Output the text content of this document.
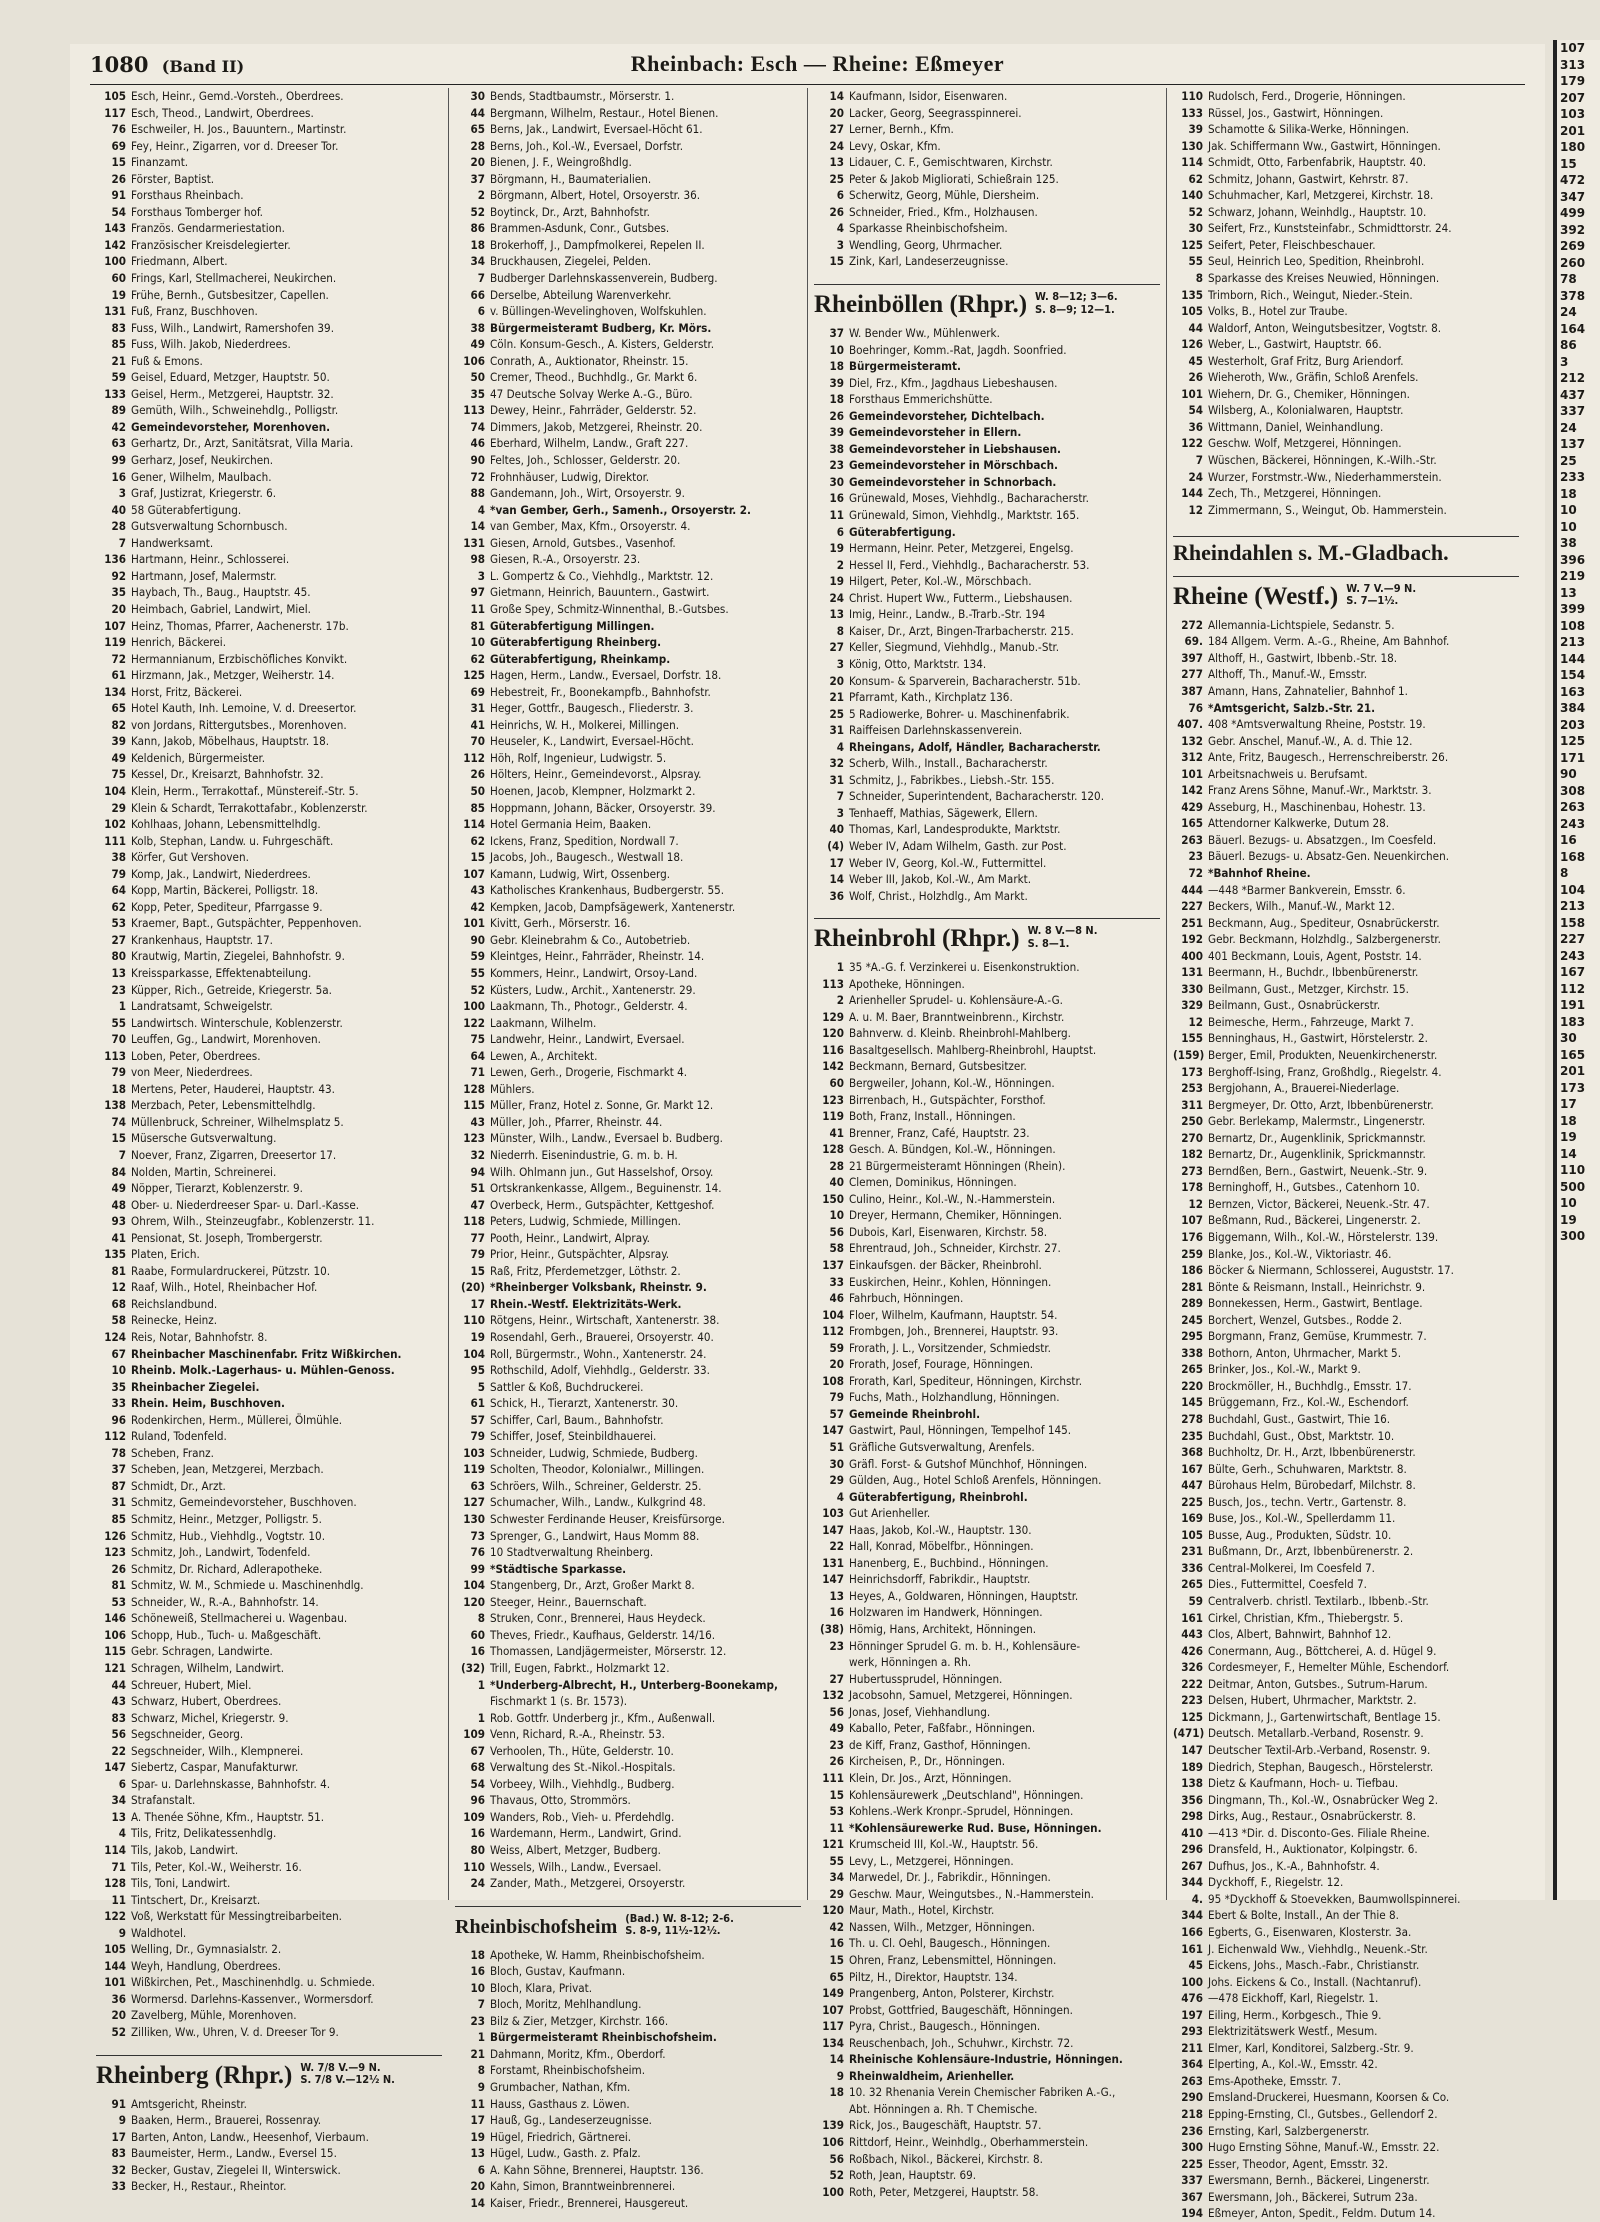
1080 (Band II)	Rheinbach: Esch — Rheine: Eßmeyer
105 Esch, Heinr., Gemd.-Vorsteh., Oberdrees.
117 Esch, Theod., Landwirt, Oberdrees.
76 Eschweiler, H. Jos., Bauuntern., Martinstr.
69 Fey, Heinr., Zigarren, vor d. Dreeser Tor.
15 Finanzamt.
26 Förster, Baptist.
91 Forsthaus Rheinbach.
54 Forsthaus Tomberger hof.
143 Französ. Gendarmeriestation.
142 Französischer Kreisdelegierter.
100 Friedmann, Albert.
60 Frings, Karl, Stellmacherei, Neukirchen.
19 Frühe, Bernh., Gutsbesitzer, Capellen.
131 Fuß, Franz, Buschhoven.
83 Fuss, Wilh., Landwirt, Ramershofen 39.
85 Fuss, Wilh. Jakob, Niederdrees.
21 Fuß & Emons.
59 Geisel, Eduard, Metzger, Hauptstr. 50.
133 Geisel, Herm., Metzgerei, Hauptstr. 32.
89 Gemüth, Wilh., Schweinehdlg., Polligstr.
42 Gemeindevorsteher, Morenhoven.
63 Gerhartz, Dr., Arzt, Sanitätsrat, Villa Maria.
99 Gerharz, Josef, Neukirchen.
16 Gener, Wilhelm, Maulbach.
3 Graf, Justizrat, Kriegerstr. 6.
40 58 Güterabfertigung.
28 Gutsverwaltung Schornbusch.
7 Handwerksamt.
136 Hartmann, Heinr., Schlosserei.
92 Hartmann, Josef, Malermstr.
35 Haybach, Th., Baug., Hauptstr. 45.
20 Heimbach, Gabriel, Landwirt, Miel.
107 Heinz, Thomas, Pfarrer, Aachenerstr. 17b.
119 Henrich, Bäckerei.
72 Hermannianum, Erzbischöfliches Konvikt.
61 Hirzmann, Jak., Metzger, Weiherstr. 14.
134 Horst, Fritz, Bäckerei.
65 Hotel Kauth, Inh. Lemoine, V. d. Dreesertor.
82 von Jordans, Rittergutsbes., Morenhoven.
39 Kann, Jakob, Möbelhaus, Hauptstr. 18.
49 Keldenich, Bürgermeister.
75 Kessel, Dr., Kreisarzt, Bahnhofstr. 32.
104 Klein, Herm., Terrakottaf., Münstereif.-Str. 5.
29 Klein & Schardt, Terrakottafabr., Koblenzerstr.
102 Kohlhaas, Johann, Lebensmittelhdlg.
111 Kolb, Stephan, Landw. u. Fuhrgeschäft.
38 Körfer, Gut Vershoven.
79 Komp, Jak., Landwirt, Niederdrees.
64 Kopp, Martin, Bäckerei, Polligstr. 18.
62 Kopp, Peter, Spediteur, Pfarrgasse 9.
53 Kraemer, Bapt., Gutspächter, Peppenhoven.
27 Krankenhaus, Hauptstr. 17.
80 Krautwig, Martin, Ziegelei, Bahnhofstr. 9.
13 Kreissparkasse, Effektenabteilung.
23 Küpper, Rich., Getreide, Kriegerstr. 5a.
1 Landratsamt, Schweigelstr.
55 Landwirtsch. Winterschule, Koblenzerstr.
70 Leuffen, Gg., Landwirt, Morenhoven.
113 Loben, Peter, Oberdrees.
79 von Meer, Niederdrees.
18 Mertens, Peter, Hauderei, Hauptstr. 43.
138 Merzbach, Peter, Lebensmittelhdlg.
74 Müllenbruck, Schreiner, Wilhelmsplatz 5.
15 Müsersche Gutsverwaltung.
7 Noever, Franz, Zigarren, Dreesertor 17.
84 Nolden, Martin, Schreinerei.
49 Nöpper, Tierarzt, Koblenzerstr. 9.
48 Ober- u. Niederdreeser Spar- u. Darl.-Kasse.
93 Ohrem, Wilh., Steinzeugfabr., Koblenzerstr. 11.
41 Pensionat, St. Joseph, Trombergerstr.
135 Platen, Erich.
81 Raabe, Formulardruckerei, Pützstr. 10.
12 Raaf, Wilh., Hotel, Rheinbacher Hof.
68 Reichslandbund.
58 Reinecke, Heinz.
124 Reis, Notar, Bahnhofstr. 8.
67 Rheinbacher Maschinenfabr. Fritz Wißkirchen.
10 Rheinb. Molk.-Lagerhaus- u. Mühlen-Genoss.
35 Rheinbacher Ziegelei.
33 Rhein. Heim, Buschhoven.
96 Rodenkirchen, Herm., Müllerei, Ölmühle.
112 Ruland, Todenfeld.
78 Scheben, Franz.
37 Scheben, Jean, Metzgerei, Merzbach.
87 Schmidt, Dr., Arzt.
31 Schmitz, Gemeindevorsteher, Buschhoven.
85 Schmitz, Heinr., Metzger, Polligstr. 5.
126 Schmitz, Hub., Viehhdlg., Vogtstr. 10.
123 Schmitz, Joh., Landwirt, Todenfeld.
26 Schmitz, Dr. Richard, Adlerapotheke.
81 Schmitz, W. M., Schmiede u. Maschinenhdlg.
53 Schneider, W., R.-A., Bahnhofstr. 14.
146 Schöneweiß, Stellmacherei u. Wagenbau.
106 Schopp, Hub., Tuch- u. Maßgeschäft.
115 Gebr. Schragen, Landwirte.
121 Schragen, Wilhelm, Landwirt.
44 Schreuer, Hubert, Miel.
43 Schwarz, Hubert, Oberdrees.
83 Schwarz, Michel, Kriegerstr. 9.
56 Segschneider, Georg.
22 Segschneider, Wilh., Klempnerei.
147 Siebertz, Caspar, Manufakturwr.
6 Spar- u. Darlehnskasse, Bahnhofstr. 4.
34 Strafanstalt.
13 A. Thenée Söhne, Kfm., Hauptstr. 51.
4 Tils, Fritz, Delikatessenhdlg.
114 Tils, Jakob, Landwirt.
71 Tils, Peter, Kol.-W., Weiherstr. 16.
128 Tils, Toni, Landwirt.
11 Tintschert, Dr., Kreisarzt.
122 Voß, Werkstatt für Messingtreibarbeiten.
9 Waldhotel.
105 Welling, Dr., Gymnasialstr. 2.
144 Weyh, Handlung, Oberdrees.
101 Wißkirchen, Pet., Maschinenhdlg. u. Schmiede.
36 Wormersd. Darlehns-Kassenver., Wormersdorf.
20 Zavelberg, Mühle, Morenhoven.
52 Zilliken, Ww., Uhren, V. d. Dreeser Tor 9.
Rheinberg (Rhpr.) W. 7/8 V.—9 N.
S. 7/8 V.—12½ N.
91 Amtsgericht, Rheinstr.
9 Baaken, Herm., Brauerei, Rossenray.
17 Barten, Anton, Landw., Heesenhof, Vierbaum.
83 Baumeister, Herm., Landw., Eversel 15.
32 Becker, Gustav, Ziegelei II, Winterswick.
33 Becker, H., Restaur., Rheintor.
30 Bends, Stadtbaumstr., Mörserstr. 1.
44 Bergmann, Wilhelm, Restaur., Hotel Bienen.
65 Berns, Jak., Landwirt, Eversael-Höcht 61.
28 Berns, Joh., Kol.-W., Eversael, Dorfstr.
20 Bienen, J. F., Weingroßhdlg.
37 Börgmann, H., Baumaterialien.
2 Börgmann, Albert, Hotel, Orsoyerstr. 36.
52 Boytinck, Dr., Arzt, Bahnhofstr.
86 Brammen-Asdunk, Conr., Gutsbes.
18 Brokerhoff, J., Dampfmolkerei, Repelen II.
34 Bruckhausen, Ziegelei, Pelden.
7 Budberger Darlehnskassenverein, Budberg.
66 Derselbe, Abteilung Warenverkehr.
6 v. Büllingen-Wevelinghoven, Wolfskuhlen.
38 Bürgermeisteramt Budberg, Kr. Mörs.
49 Cöln. Konsum-Gesch., A. Kisters, Gelderstr.
106 Conrath, A., Auktionator, Rheinstr. 15.
50 Cremer, Theod., Buchhdlg., Gr. Markt 6.
35 47 Deutsche Solvay Werke A.-G., Büro.
113 Dewey, Heinr., Fahrräder, Gelderstr. 52.
74 Dimmers, Jakob, Metzgerei, Rheinstr. 20.
46 Eberhard, Wilhelm, Landw., Graft 227.
90 Feltes, Joh., Schlosser, Gelderstr. 20.
72 Frohnhäuser, Ludwig, Direktor.
88 Gandemann, Joh., Wirt, Orsoyerstr. 9.
4 *van Gember, Gerh., Samenh., Orsoyerstr. 2.
14 van Gember, Max, Kfm., Orsoyerstr. 4.
131 Giesen, Arnold, Gutsbes., Vasenhof.
98 Giesen, R.-A., Orsoyerstr. 23.
3 L. Gompertz & Co., Viehhdlg., Marktstr. 12.
97 Gietmann, Heinrich, Bauuntern., Gastwirt.
11 Große Spey, Schmitz-Winnenthal, B.-Gutsbes.
81 Güterabfertigung Millingen.
10 Güterabfertigung Rheinberg.
62 Güterabfertigung, Rheinkamp.
125 Hagen, Herm., Landw., Eversael, Dorfstr. 18.
69 Hebestreit, Fr., Boonekampfb., Bahnhofstr.
31 Heger, Gottfr., Baugesch., Fliederstr. 3.
41 Heinrichs, W. H., Molkerei, Millingen.
70 Heuseler, K., Landwirt, Eversael-Höcht.
112 Höh, Rolf, Ingenieur, Ludwigstr. 5.
26 Hölters, Heinr., Gemeindevorst., Alpsray.
50 Hoenen, Jacob, Klempner, Holzmarkt 2.
85 Hoppmann, Johann, Bäcker, Orsoyerstr. 39.
114 Hotel Germania Heim, Baaken.
62 Ickens, Franz, Spedition, Nordwall 7.
15 Jacobs, Joh., Baugesch., Westwall 18.
107 Kamann, Ludwig, Wirt, Ossenberg.
43 Katholisches Krankenhaus, Budbergerstr. 55.
42 Kempken, Jacob, Dampfsägewerk, Xantenerstr.
101 Kivitt, Gerh., Mörserstr. 16.
90 Gebr. Kleinebrahm & Co., Autobetrieb.
59 Kleintges, Heinr., Fahrräder, Rheinstr. 14.
55 Kommers, Heinr., Landwirt, Orsoy-Land.
52 Küsters, Ludw., Archit., Xantenerstr. 29.
100 Laakmann, Th., Photogr., Gelderstr. 4.
122 Laakmann, Wilhelm.
75 Landwehr, Heinr., Landwirt, Eversael.
64 Lewen, A., Architekt.
71 Lewen, Gerh., Drogerie, Fischmarkt 4.
128 Mühlers.
115 Müller, Franz, Hotel z. Sonne, Gr. Markt 12.
43 Müller, Joh., Pfarrer, Rheinstr. 44.
123 Münster, Wilh., Landw., Eversael b. Budberg.
32 Niederrh. Eisenindustrie, G. m. b. H.
94 Wilh. Ohlmann jun., Gut Hasselshof, Orsoy.
51 Ortskrankenkasse, Allgem., Beguinenstr. 14.
47 Overbeck, Herm., Gutspächter, Kettgeshof.
118 Peters, Ludwig, Schmiede, Millingen.
77 Pooth, Heinr., Landwirt, Alpray.
79 Prior, Heinr., Gutspächter, Alpsray.
15 Raß, Fritz, Pferdemetzger, Löthstr. 2.
(20) *Rheinberger Volksbank, Rheinstr. 9.
17 Rhein.-Westf. Elektrizitäts-Werk.
110 Rötgens, Heinr., Wirtschaft, Xantenerstr. 38.
19 Rosendahl, Gerh., Brauerei, Orsoyerstr. 40.
104 Roll, Bürgermstr., Wohn., Xantenerstr. 24.
95 Rothschild, Adolf, Viehhdlg., Gelderstr. 33.
5 Sattler & Koß, Buchdruckerei.
61 Schick, H., Tierarzt, Xantenerstr. 30.
57 Schiffer, Carl, Baum., Bahnhofstr.
79 Schiffer, Josef, Steinbildhauerei.
103 Schneider, Ludwig, Schmiede, Budberg.
119 Scholten, Theodor, Kolonialwr., Millingen.
63 Schröers, Wilh., Schreiner, Gelderstr. 25.
127 Schumacher, Wilh., Landw., Kulkgrind 48.
130 Schwester Ferdinande Heuser, Kreisfürsorge.
73 Sprenger, G., Landwirt, Haus Momm 88.
76 10 Stadtverwaltung Rheinberg.
99 *Städtische Sparkasse.
104 Stangenberg, Dr., Arzt, Großer Markt 8.
120 Steeger, Heinr., Bauernschaft.
8 Struken, Conr., Brennerei, Haus Heydeck.
60 Theves, Friedr., Kaufhaus, Gelderstr. 14/16.
16 Thomassen, Landjägermeister, Mörserstr. 12.
(32) Trill, Eugen, Fabrkt., Holzmarkt 12.
1 *Underberg-Albrecht, H., Unterberg-Boonekamp,
Fischmarkt 1 (s. Br. 1573).
1 Rob. Gottfr. Underberg jr., Kfm., Außenwall.
109 Venn, Richard, R.-A., Rheinstr. 53.
67 Verhoolen, Th., Hüte, Gelderstr. 10.
68 Verwaltung des St.-Nikol.-Hospitals.
54 Vorbeey, Wilh., Viehhdlg., Budberg.
96 Thavaus, Otto, Strommörs.
109 Wanders, Rob., Vieh- u. Pferdehdlg.
16 Wardemann, Herm., Landwirt, Grind.
80 Weiss, Albert, Metzger, Budberg.
110 Wessels, Wilh., Landw., Eversael.
24 Zander, Math., Metzgerei, Orsoyerstr.
Rheinbischofsheim (Bad.) W. 8-12; 2-6.
S. 8-9, 11½-12½.
18 Apotheke, W. Hamm, Rheinbischofsheim.
16 Bloch, Gustav, Kaufmann.
10 Bloch, Klara, Privat.
7 Bloch, Moritz, Mehlhandlung.
23 Bilz & Zier, Metzger, Kirchstr. 166.
1 Bürgermeisteramt Rheinbischofsheim.
21 Dahmann, Moritz, Kfm., Oberdorf.
8 Forstamt, Rheinbischofsheim.
9 Grumbacher, Nathan, Kfm.
11 Hauss, Gasthaus z. Löwen.
17 Hauß, Gg., Landeserzeugnisse.
19 Hügel, Friedrich, Gärtnerei.
13 Hügel, Ludw., Gasth. z. Pfalz.
6 A. Kahn Söhne, Brennerei, Hauptstr. 136.
20 Kahn, Simon, Branntweinbrennerei.
14 Kaiser, Friedr., Brennerei, Hausgereut.
14 Kaufmann, Isidor, Eisenwaren.
20 Lacker, Georg, Seegrasspinnerei.
27 Lerner, Bernh., Kfm.
24 Levy, Oskar, Kfm.
13 Lidauer, C. F., Gemischtwaren, Kirchstr.
25 Peter & Jakob Migliorati, Schießrain 125.
6 Scherwitz, Georg, Mühle, Diersheim.
26 Schneider, Fried., Kfm., Holzhausen.
4 Sparkasse Rheinbischofsheim.
3 Wendling, Georg, Uhrmacher.
15 Zink, Karl, Landeserzeugnisse.
Rheinböllen (Rhpr.) W. 8—12; 3—6.
S. 8—9; 12—1.
37 W. Bender Ww., Mühlenwerk.
10 Boehringer, Komm.-Rat, Jagdh. Soonfried.
18 Bürgermeisteramt.
39 Diel, Frz., Kfm., Jagdhaus Liebeshausen.
18 Forsthaus Emmerichshütte.
26 Gemeindevorsteher, Dichtelbach.
39 Gemeindevorsteher in Ellern.
38 Gemeindevorsteher in Liebshausen.
23 Gemeindevorsteher in Mörschbach.
30 Gemeindevorsteher in Schnorbach.
16 Grünewald, Moses, Viehhdlg., Bacharacherstr.
11 Grünewald, Simon, Viehhdlg., Marktstr. 165.
6 Güterabfertigung.
19 Hermann, Heinr. Peter, Metzgerei, Engelsg.
2 Hessel II, Ferd., Viehhdlg., Bacharacherstr. 53.
19 Hilgert, Peter, Kol.-W., Mörschbach.
24 Christ. Hupert Ww., Futterm., Liebshausen.
13 Imig, Heinr., Landw., B.-Trarb.-Str. 194
8 Kaiser, Dr., Arzt, Bingen-Trarbacherstr. 215.
27 Keller, Siegmund, Viehhdlg., Manub.-Str.
3 König, Otto, Marktstr. 134.
20 Konsum- & Sparverein, Bacharacherstr. 51b.
21 Pfarramt, Kath., Kirchplatz 136.
25 5 Radiowerke, Bohrer- u. Maschinenfabrik.
31 Raiffeisen Darlehnskassenverein.
4 Rheingans, Adolf, Händler, Bacharacherstr.
32 Scherb, Wilh., Install., Bacharacherstr.
31 Schmitz, J., Fabrikbes., Liebsh.-Str. 155.
7 Schneider, Superintendent, Bacharacherstr. 120.
3 Tenhaeff, Mathias, Sägewerk, Ellern.
40 Thomas, Karl, Landesprodukte, Marktstr.
(4) Weber IV, Adam Wilhelm, Gasth. zur Post.
17 Weber IV, Georg, Kol.-W., Futtermittel.
14 Weber III, Jakob, Kol.-W., Am Markt.
36 Wolf, Christ., Holzhdlg., Am Markt.
Rheinbrohl (Rhpr.) W. 8 V.—8 N.
S. 8—1.
1 35 *A.-G. f. Verzinkerei u. Eisenkonstruktion.
113 Apotheke, Hönningen.
2 Arienheller Sprudel- u. Kohlensäure-A.-G.
129 A. u. M. Baer, Branntweinbrenn., Kirchstr.
120 Bahnverw. d. Kleinb. Rheinbrohl-Mahlberg.
116 Basaltgesellsch. Mahlberg-Rheinbrohl, Hauptst.
142 Beckmann, Bernard, Gutsbesitzer.
60 Bergweiler, Johann, Kol.-W., Hönningen.
123 Birrenbach, H., Gutspächter, Forsthof.
119 Both, Franz, Install., Hönningen.
41 Brenner, Franz, Café, Hauptstr. 23.
128 Gesch. A. Bündgen, Kol.-W., Hönningen.
28 21 Bürgermeisteramt Hönningen (Rhein).
40 Clemen, Dominikus, Hönningen.
150 Culino, Heinr., Kol.-W., N.-Hammerstein.
10 Dreyer, Hermann, Chemiker, Hönningen.
56 Dubois, Karl, Eisenwaren, Kirchstr. 58.
58 Ehrentraud, Joh., Schneider, Kirchstr. 27.
137 Einkaufsgen. der Bäcker, Rheinbrohl.
33 Euskirchen, Heinr., Kohlen, Hönningen.
46 Fahrbuch, Hönningen.
104 Floer, Wilhelm, Kaufmann, Hauptstr. 54.
112 Frombgen, Joh., Brennerei, Hauptstr. 93.
59 Frorath, J. L., Vorsitzender, Schmiedstr.
20 Frorath, Josef, Fourage, Hönningen.
108 Frorath, Karl, Spediteur, Hönningen, Kirchstr.
79 Fuchs, Math., Holzhandlung, Hönningen.
57 Gemeinde Rheinbrohl.
147 Gastwirt, Paul, Hönningen, Tempelhof 145.
51 Gräfliche Gutsverwaltung, Arenfels.
30 Gräfl. Forst- & Gutshof Münchhof, Hönningen.
29 Gülden, Aug., Hotel Schloß Arenfels, Hönningen.
4 Güterabfertigung, Rheinbrohl.
103 Gut Arienheller.
147 Haas, Jakob, Kol.-W., Hauptstr. 130.
22 Hall, Konrad, Möbelfbr., Hönningen.
131 Hanenberg, E., Buchbind., Hönningen.
147 Heinrichsdorff, Fabrikdir., Hauptstr.
13 Heyes, A., Goldwaren, Hönningen, Hauptstr.
16 Holzwaren im Handwerk, Hönningen.
(38) Hömig, Hans, Architekt, Hönningen.
23 Hönninger Sprudel G. m. b. H., Kohlensäure-
werk, Hönningen a. Rh.
27 Hubertussprudel, Hönningen.
132 Jacobsohn, Samuel, Metzgerei, Hönningen.
56 Jonas, Josef, Viehhandlung.
49 Kaballo, Peter, Faßfabr., Hönningen.
23 de Kiff, Franz, Gasthof, Hönningen.
26 Kircheisen, P., Dr., Hönningen.
111 Klein, Dr. Jos., Arzt, Hönningen.
15 Kohlensäurewerk „Deutschland", Hönningen.
53 Kohlens.-Werk Kronpr.-Sprudel, Hönningen.
11 *Kohlensäurewerke Rud. Buse, Hönningen.
121 Krumscheid III, Kol.-W., Hauptstr. 56.
55 Levy, L., Metzgerei, Hönningen.
34 Marwedel, Dr. J., Fabrikdir., Hönningen.
29 Geschw. Maur, Weingutsbes., N.-Hammerstein.
120 Maur, Math., Hotel, Kirchstr.
42 Nassen, Wilh., Metzger, Hönningen.
16 Th. u. Cl. Oehl, Baugesch., Hönningen.
15 Ohren, Franz, Lebensmittel, Hönningen.
65 Piltz, H., Direktor, Hauptstr. 134.
149 Prangenberg, Anton, Polsterer, Kirchstr.
107 Probst, Gottfried, Baugeschäft, Hönningen.
117 Pyra, Christ., Baugesch., Hönningen.
134 Reuschenbach, Joh., Schuhwr., Kirchstr. 72.
14 Rheinische Kohlensäure-Industrie, Hönningen.
9 Rheinwaldheim, Arienheller.
18 10. 32 Rhenania Verein Chemischer Fabriken A.-G.,
Abt. Hönningen a. Rh. T Chemische.
139 Rick, Jos., Baugeschäft, Hauptstr. 57.
106 Rittdorf, Heinr., Weinhdlg., Oberhammerstein.
56 Roßbach, Nikol., Bäckerei, Kirchstr. 8.
52 Roth, Jean, Hauptstr. 69.
100 Roth, Peter, Metzgerei, Hauptstr. 58.
110 Rudolsch, Ferd., Drogerie, Hönningen.
133 Rüssel, Jos., Gastwirt, Hönningen.
39 Schamotte & Silika-Werke, Hönningen.
130 Jak. Schiffermann Ww., Gastwirt, Hönningen.
114 Schmidt, Otto, Farbenfabrik, Hauptstr. 40.
62 Schmitz, Johann, Gastwirt, Kehrstr. 87.
140 Schuhmacher, Karl, Metzgerei, Kirchstr. 18.
52 Schwarz, Johann, Weinhdlg., Hauptstr. 10.
30 Seifert, Frz., Kunststeinfabr., Schmidttorstr. 24.
125 Seifert, Peter, Fleischbeschauer.
55 Seul, Heinrich Leo, Spedition, Rheinbrohl.
8 Sparkasse des Kreises Neuwied, Hönningen.
135 Trimborn, Rich., Weingut, Nieder.-Stein.
105 Volks, B., Hotel zur Traube.
44 Waldorf, Anton, Weingutsbesitzer, Vogtstr. 8.
126 Weber, L., Gastwirt, Hauptstr. 66.
45 Westerholt, Graf Fritz, Burg Ariendorf.
26 Wieheroth, Ww., Gräfin, Schloß Arenfels.
101 Wiehern, Dr. G., Chemiker, Hönningen.
54 Wilsberg, A., Kolonialwaren, Hauptstr.
36 Wittmann, Daniel, Weinhandlung.
122 Geschw. Wolf, Metzgerei, Hönningen.
7 Wüschen, Bäckerei, Hönningen, K.-Wilh.-Str.
24 Wurzer, Forstmstr.-Ww., Niederhammerstein.
144 Zech, Th., Metzgerei, Hönningen.
12 Zimmermann, S., Weingut, Ob. Hammerstein.
Rheindahlen s. M.-Gladbach.
Rheine (Westf.) W. 7 V.—9 N.
S. 7—1½.
272 Allemannia-Lichtspiele, Sedanstr. 5.
69. 184 Allgem. Verm. A.-G., Rheine, Am Bahnhof.
397 Althoff, H., Gastwirt, Ibbenb.-Str. 18.
277 Althoff, Th., Manuf.-W., Emsstr.
387 Amann, Hans, Zahnatelier, Bahnhof 1.
76 *Amtsgericht, Salzb.-Str. 21.
407. 408 *Amtsverwaltung Rheine, Poststr. 19.
132 Gebr. Anschel, Manuf.-W., A. d. Thie 12.
312 Ante, Fritz, Baugesch., Herrenschreiberstr. 26.
101 Arbeitsnachweis u. Berufsamt.
142 Franz Arens Söhne, Manuf.-Wr., Marktstr. 3.
429 Asseburg, H., Maschinenbau, Hohestr. 13.
165 Attendorner Kalkwerke, Dutum 28.
263 Bäuerl. Bezugs- u. Absatzgen., Im Coesfeld.
23 Bäuerl. Bezugs- u. Absatz-Gen. Neuenkirchen.
72 *Bahnhof Rheine.
444 —448 *Barmer Bankverein, Emsstr. 6.
227 Beckers, Wilh., Manuf.-W., Markt 12.
251 Beckmann, Aug., Spediteur, Osnabrückerstr.
192 Gebr. Beckmann, Holzhdlg., Salzbergenerstr.
400 401 Beckmann, Louis, Agent, Poststr. 14.
131 Beermann, H., Buchdr., Ibbenbürenerstr.
330 Beilmann, Gust., Metzger, Kirchstr. 15.
329 Beilmann, Gust., Osnabrückerstr.
12 Beimesche, Herm., Fahrzeuge, Markt 7.
155 Benninghaus, H., Gastwirt, Hörstelerstr. 2.
(159) Berger, Emil, Produkten, Neuenkirchenerstr.
173 Berghoff-Ising, Franz, Großhdlg., Riegelstr. 4.
253 Bergjohann, A., Brauerei-Niederlage.
311 Bergmeyer, Dr. Otto, Arzt, Ibbenbürenerstr.
250 Gebr. Berlekamp, Malermstr., Lingenerstr.
270 Bernartz, Dr., Augenklinik, Sprickmannstr.
182 Bernartz, Dr., Augenklinik, Sprickmannstr.
273 Berndßen, Bern., Gastwirt, Neuenk.-Str. 9.
178 Berninghoff, H., Gutsbes., Catenhorn 10.
12 Bernzen, Victor, Bäckerei, Neuenk.-Str. 47.
107 Beßmann, Rud., Bäckerei, Lingenerstr. 2.
176 Biggemann, Wilh., Kol.-W., Hörstelerstr. 139.
259 Blanke, Jos., Kol.-W., Viktoriastr. 46.
186 Böcker & Niermann, Schlosserei, Auguststr. 17.
281 Bönte & Reismann, Install., Heinrichstr. 9.
289 Bonnekessen, Herm., Gastwirt, Bentlage.
245 Borchert, Wenzel, Gutsbes., Rodde 2.
295 Borgmann, Franz, Gemüse, Krummestr. 7.
338 Bothorn, Anton, Uhrmacher, Markt 5.
265 Brinker, Jos., Kol.-W., Markt 9.
220 Brockmöller, H., Buchhdlg., Emsstr. 17.
145 Brüggemann, Frz., Kol.-W., Eschendorf.
278 Buchdahl, Gust., Gastwirt, Thie 16.
235 Buchdahl, Gust., Obst, Marktstr. 10.
368 Buchholtz, Dr. H., Arzt, Ibbenbürenerstr.
167 Bülte, Gerh., Schuhwaren, Marktstr. 8.
447 Bürohaus Helm, Bürobedarf, Milchstr. 8.
225 Busch, Jos., techn. Vertr., Gartenstr. 8.
169 Buse, Jos., Kol.-W., Spellerdamm 11.
105 Busse, Aug., Produkten, Südstr. 10.
231 Bußmann, Dr., Arzt, Ibbenbürenerstr. 2.
336 Central-Molkerei, Im Coesfeld 7.
265 Dies., Futtermittel, Coesfeld 7.
59 Centralverb. christl. Textilarb., Ibbenb.-Str.
161 Cirkel, Christian, Kfm., Thiebergstr. 5.
443 Clos, Albert, Bahnwirt, Bahnhof 12.
426 Conermann, Aug., Böttcherei, A. d. Hügel 9.
326 Cordesmeyer, F., Hemelter Mühle, Eschendorf.
222 Deitmar, Anton, Gutsbes., Sutrum-Harum.
223 Delsen, Hubert, Uhrmacher, Marktstr. 2.
125 Dickmann, J., Gartenwirtschaft, Bentlage 15.
(471) Deutsch. Metallarb.-Verband, Rosenstr. 9.
147 Deutscher Textil-Arb.-Verband, Rosenstr. 9.
189 Diedrich, Stephan, Baugesch., Hörstelerstr.
138 Dietz & Kaufmann, Hoch- u. Tiefbau.
356 Dingmann, Th., Kol.-W., Osnabrücker Weg 2.
298 Dirks, Aug., Restaur., Osnabrückerstr. 8.
410 —413 *Dir. d. Disconto-Ges. Filiale Rheine.
296 Dransfeld, H., Auktionator, Kolpingstr. 6.
267 Dufhus, Jos., K.-A., Bahnhofstr. 4.
344 Dyckhoff, F., Riegelstr. 12.
4. 95 *Dyckhoff & Stoevekken, Baumwollspinnerei.
344 Ebert & Bolte, Install., An der Thie 8.
166 Egberts, G., Eisenwaren, Klosterstr. 3a.
161 J. Eichenwald Ww., Viehhdlg., Neuenk.-Str.
45 Eickens, Johs., Masch.-Fabr., Christianstr.
100 Johs. Eickens & Co., Install. (Nachtanruf).
476 —478 Eickhoff, Karl, Riegelstr. 1.
197 Eiling, Herm., Korbgesch., Thie 9.
293 Elektrizitätswerk Westf., Mesum.
211 Elmer, Karl, Konditorei, Salzberg.-Str. 9.
364 Elperting, A., Kol.-W., Emsstr. 42.
263 Ems-Apotheke, Emsstr. 7.
290 Emsland-Druckerei, Huesmann, Koorsen & Co.
218 Epping-Ernsting, Cl., Gutsbes., Gellendorf 2.
236 Ernsting, Karl, Salzbergenerstr.
300 Hugo Ernsting Söhne, Manuf.-W., Emsstr. 22.
225 Esser, Theodor, Agent, Emsstr. 32.
337 Ewersmann, Bernh., Bäckerei, Lingenerstr.
367 Ewersmann, Joh., Bäckerei, Sutrum 23a.
194 Eßmeyer, Anton, Spedit., Feldm. Dutum 14.
107
313
179
207
103
201
180
15
472
347
499
392
269
260
78
378
24
164
86
3
212
437
337
24
137
25
233
18
10
10
38
396
219
13
399
108
213
144
154
163
384
203
125
171
90
308
263
243
16
168
8
104
213
158
227
243
167
112
191
183
30
165
201
173
17
18
19
14
110
500
10
19
300
